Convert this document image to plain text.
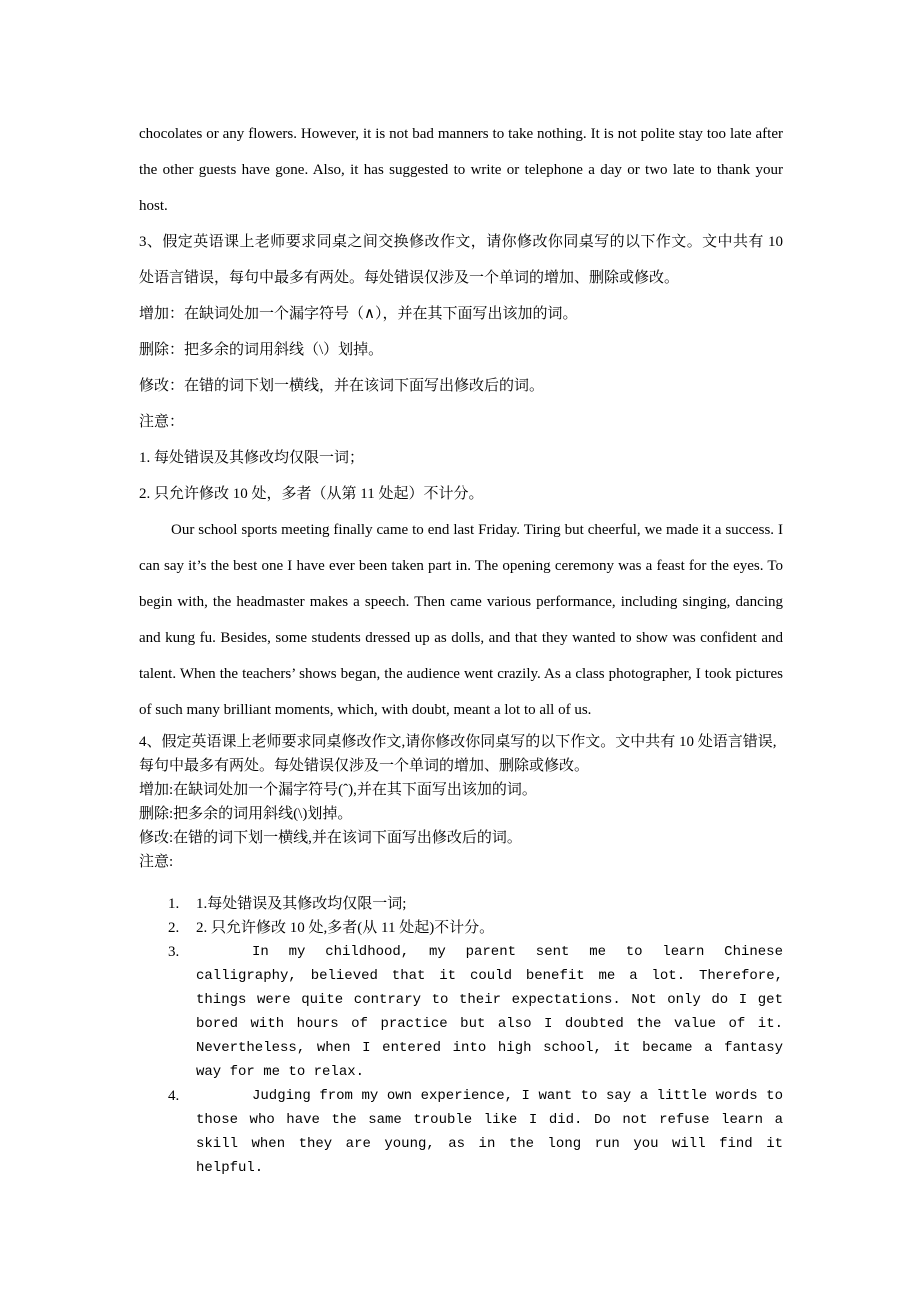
chocolates or any flowers. However, it is not bad manners to take nothing. It is not polite stay too late after the other guests have gone. Also, it has suggested to write or telephone a day or two late to thank your host.

3、假定英语课上老师要求同桌之间交换修改作文，请你修改你同桌写的以下作文。文中共有 10 处语言错误，每句中最多有两处。每处错误仅涉及一个单词的增加、删除或修改。

增加：在缺词处加一个漏字符号（∧），并在其下面写出该加的词。

删除：把多余的词用斜线（\）划掉。

修改：在错的词下划一横线，并在该词下面写出修改后的词。

注意：

1. 每处错误及其修改均仅限一词；

2. 只允许修改 10 处，多者（从第 11 处起）不计分。

Our school sports meeting finally came to end last Friday. Tiring but cheerful, we made it a success. I can say it’s the best one I have ever been taken part in. The opening ceremony was a feast for the eyes. To begin with, the headmaster makes a speech. Then came various performance, including singing, dancing and kung fu. Besides, some students dressed up as dolls, and that they wanted to show was confident and talent. When the teachers’ shows began, the audience went crazily. As a class photographer, I took pictures of such many brilliant moments, which, with doubt, meant a lot to all of us.

4、假定英语课上老师要求同桌修改作文,请你修改你同桌写的以下作文。文中共有 10 处语言错误,每句中最多有两处。每处错误仅涉及一个单词的增加、删除或修改。
增加:在缺词处加一个漏字符号(ˆ),并在其下面写出该加的词。
删除:把多余的词用斜线(\)划掉。
修改:在错的词下划一横线,并在该词下面写出修改后的词。
注意:
1. 1.每处错误及其修改均仅限一词;
2. 2. 只允许修改 10 处,多者(从 11 处起)不计分。
3.	In my childhood, my parent sent me to learn Chinese calligraphy, believed that it could benefit me a lot. Therefore, things were quite contrary to their expectations. Not only do I get bored with hours of practice but also I doubted the value of it. Nevertheless, when I entered into high school, it became a fantasy way for me to relax.
4.	Judging from my own experience, I want to say a little words to those who have the same trouble like I did. Do not refuse learn a skill when they are young, as in the long run you will find it helpful.
